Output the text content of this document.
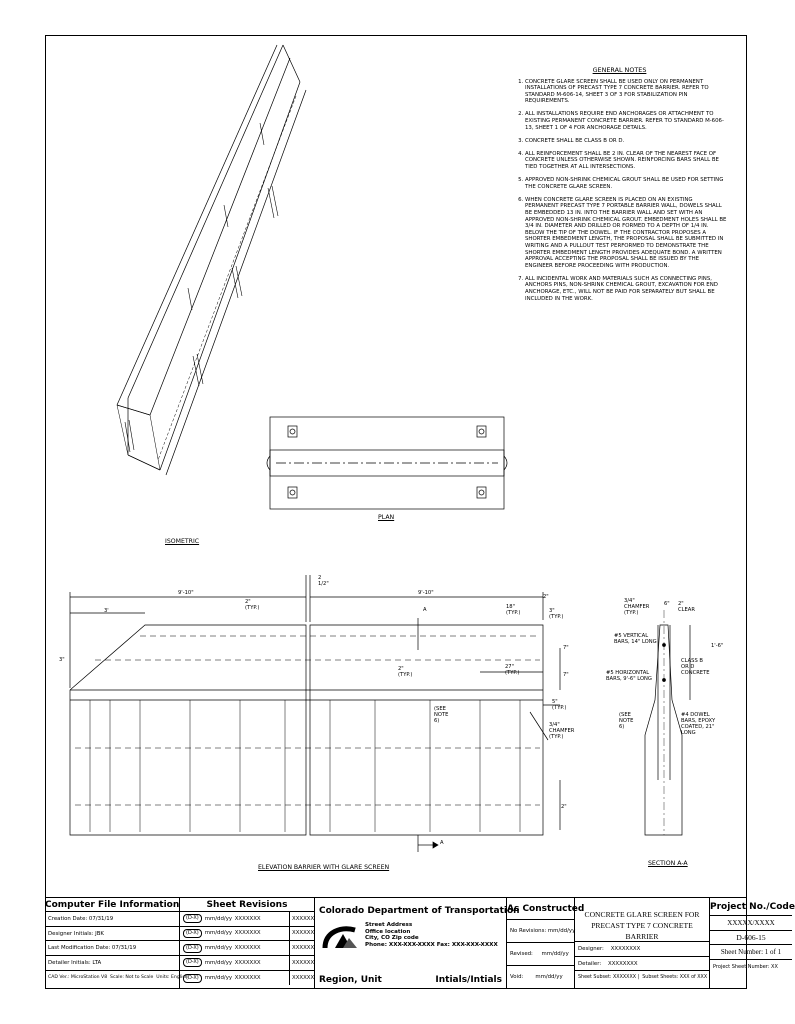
GENERAL NOTES
1. CONCRETE GLARE SCREEN SHALL BE USED ONLY ON PERMANENT INSTALLATIONS OF PRECAST TYPE 7 CONCRETE BARRIER. REFER TO STANDARD M-606-14, SHEET 3 OF 3 FOR STABILIZATION PIN REQUIREMENTS.
2. ALL INSTALLATIONS REQUIRE END ANCHORAGES OR ATTACHMENT TO EXISTING PERMANENT CONCRETE BARRIER. REFER TO STANDARD M-606-13, SHEET 1 OF 4 FOR ANCHORAGE DETAILS.
3. CONCRETE SHALL BE CLASS B OR D.
4. ALL REINFORCEMENT SHALL BE 2 IN. CLEAR OF THE NEAREST FACE OF CONCRETE UNLESS OTHERWISE SHOWN. REINFORCING BARS SHALL BE TIED TOGETHER AT ALL INTERSECTIONS.
5. APPROVED NON-SHRINK CHEMICAL GROUT SHALL BE USED FOR SETTING THE CONCRETE GLARE SCREEN.
6. WHEN CONCRETE GLARE SCREEN IS PLACED ON AN EXISTING PERMANENT PRECAST TYPE 7 PORTABLE BARRIER WALL, DOWELS SHALL BE EMBEDDED 13 IN. INTO THE BARRIER WALL AND SET WITH AN APPROVED NON-SHRINK CHEMICAL GROUT. EMBEDMENT HOLES SHALL BE 3/4 IN. DIAMETER AND DRILLED OR FORMED TO A DEPTH OF 1/4 IN. BELOW THE TIP OF THE DOWEL. IF THE CONTRACTOR PROPOSES A SHORTER EMBEDMENT LENGTH, THE PROPOSAL SHALL BE SUBMITTED IN WRITING AND A PULLOUT TEST PERFORMED TO DEMONSTRATE THE SHORTER EMBEDMENT LENGTH PROVIDES ADEQUATE BOND. A WRITTEN APPROVAL ACCEPTING THE PROPOSAL SHALL BE ISSUED BY THE ENGINEER BEFORE PROCEEDING WITH PRODUCTION.
7. ALL INCIDENTAL WORK AND MATERIALS SUCH AS CONNECTING PINS, ANCHORS PINS, NON-SHRINK CHEMICAL GROUT, EXCAVATION FOR END ANCHORAGE, ETC., WILL NOT BE PAID FOR SEPARATELY BUT SHALL BE INCLUDED IN THE WORK.
ISOMETRIC
PLAN
ELEVATION BARRIER WITH GLARE SCREEN
SECTION A-A
9'-10"	9'-10"
2 1/2"
3'
2" (TYP.)
3"
A	18" (TYP.)	3" (TYP.)
2"
7"
7"
27" (TYP.)
2" (TYP.)
5" (TYP.)
(SEE NOTE 6)
3/4" CHAMFER (TYP.)
2"
A
3/4" CHAMFER (TYP.)
6" 2" CLEAR
#5 VERTICAL BARS, 14" LONG
1'-6"
CLASS B OR D CONCRETE
#5 HORIZONTAL BARS, 9'-6" LONG
(SEE NOTE 6)
#4 DOWEL BARS, EPOXY COATED, 21" LONG
Computer File Information
Creation Date: 07/31/19
Designer Initials: JBK
Last Modification Date: 07/31/19
Detailer Initials: LTA
CAD Ver.: MicroStation V8 Scale: Not to Scale Units: English
Sheet Revisions
(D-X)	mm/dd/yy XXXXXXX	XXXXXX
(D-X)	mm/dd/yy XXXXXXX	XXXXXX
(D-X)	mm/dd/yy XXXXXXX	XXXXXX
(D-X)	mm/dd/yy XXXXXXX	XXXXXX
(D-X)	mm/dd/yy XXXXXXX	XXXXXX
Colorado Department of Transportation
Street Address
Office location
City, CO Zip code
Phone: XXX-XXX-XXXX Fax: XXX-XXX-XXXX
Region, Unit	Intials/Intials
As Constructed
No Revisions: mm/dd/yy
Revised: mm/dd/yy
Void: mm/dd/yy
CONCRETE GLARE SCREEN FOR
PRECAST TYPE 7 CONCRETE BARRIER
Designer: XXXXXXXX
Detailer: XXXXXXXX
Sheet Subset: XXXXXXX |  Subset Sheets: XXX of XXX
Project No./Code
XXXXX/XXXX
D-606-15
Sheet Number: 1 of 1
Project Sheet Number: XX
